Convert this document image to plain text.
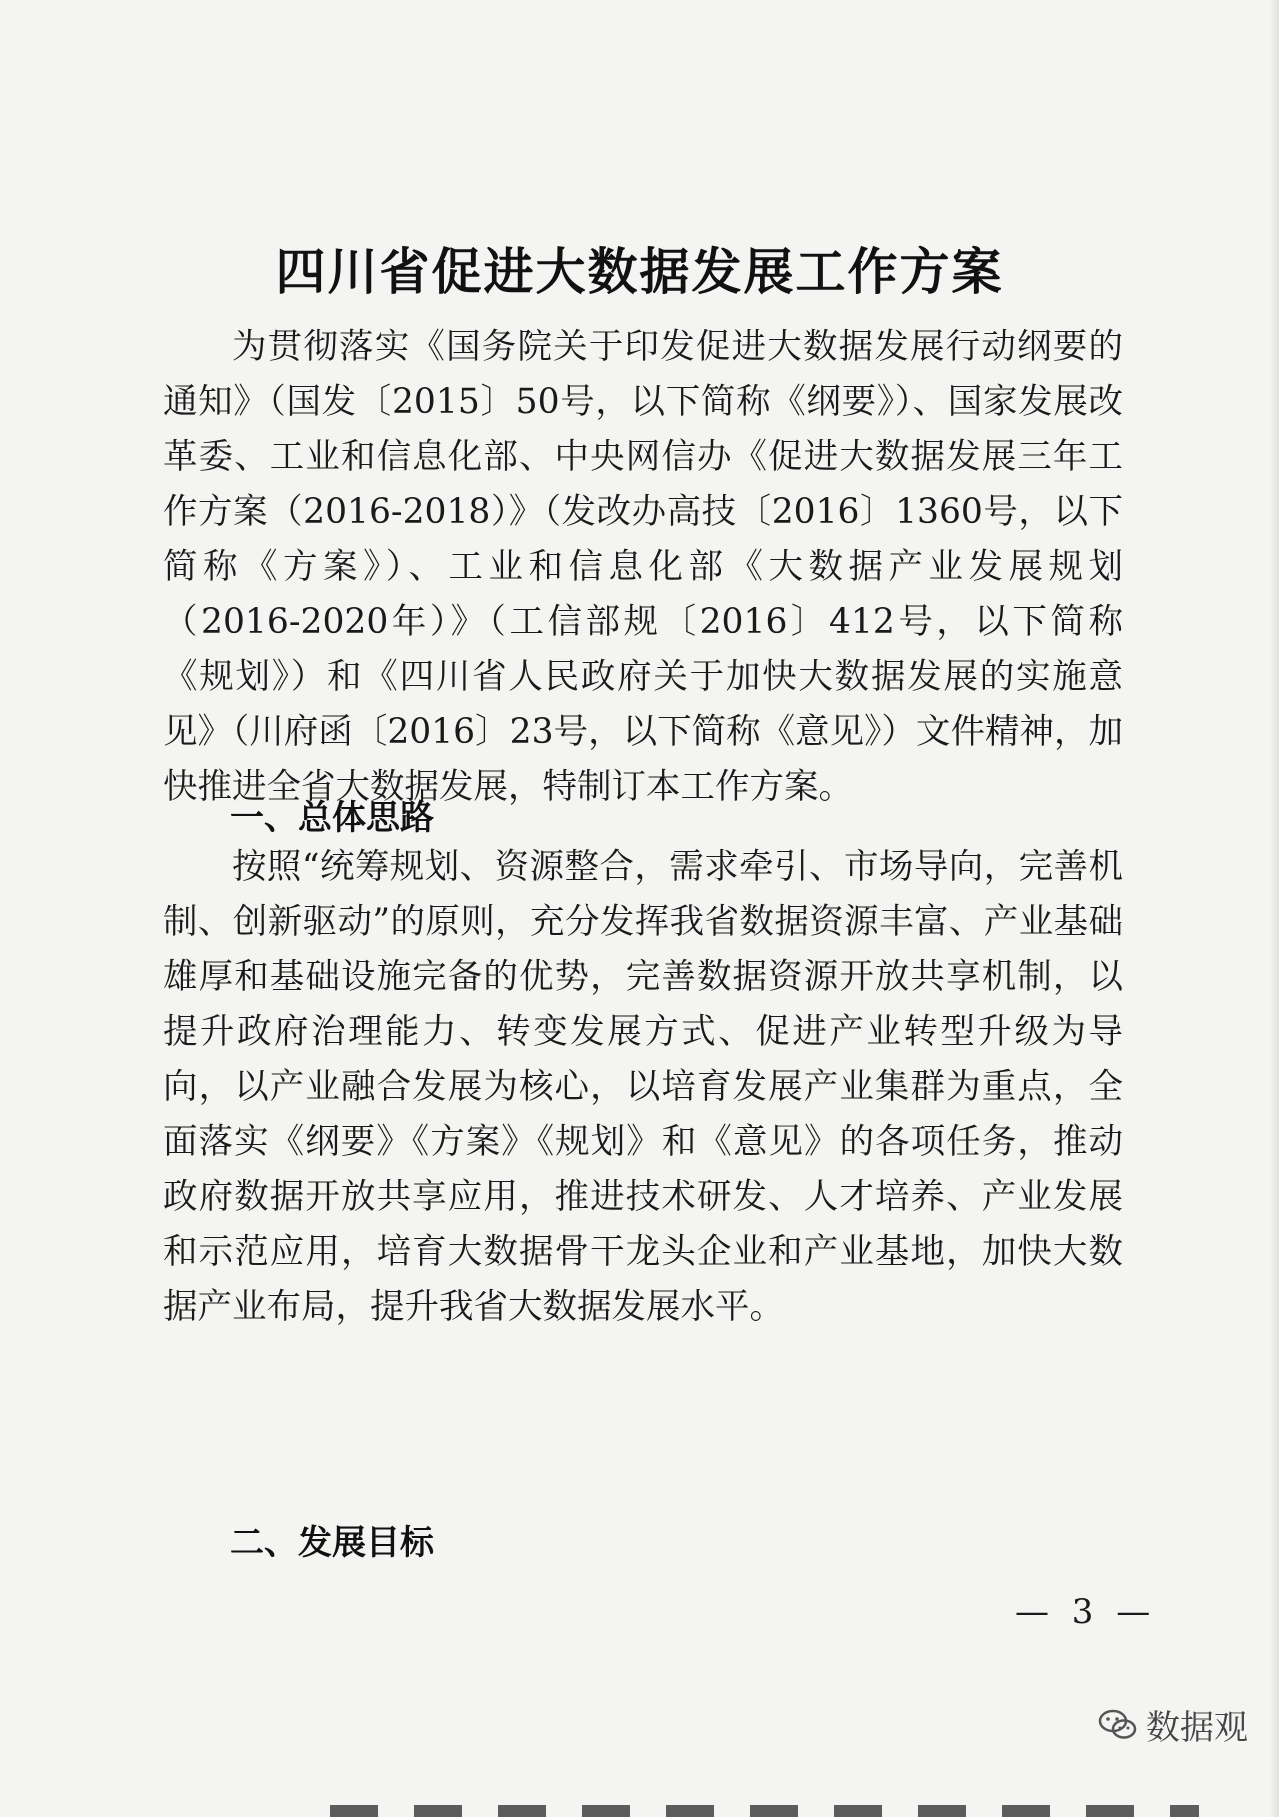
四川省促进大数据发展工作方案

为贯彻落实《国务院关于印发促进大数据发展行动纲要的通知》（国发〔2015〕50号，以下简称《纲要》）、国家发展改革委、工业和信息化部、中央网信办《促进大数据发展三年工作方案（2016-2018）》（发改办高技〔2016〕1360号，以下简称《方案》）、工业和信息化部《大数据产业发展规划（2016-2020年）》（工信部规〔2016〕412号，以下简称《规划》）和《四川省人民政府关于加快大数据发展的实施意见》（川府函〔2016〕23号，以下简称《意见》）文件精神，加快推进全省大数据发展，特制订本工作方案。

一、总体思路

按照“统筹规划、资源整合，需求牵引、市场导向，完善机制、创新驱动”的原则，充分发挥我省数据资源丰富、产业基础雄厚和基础设施完备的优势，完善数据资源开放共享机制，以提升政府治理能力、转变发展方式、促进产业转型升级为导向，以产业融合发展为核心，以培育发展产业集群为重点，全面落实《纲要》《方案》《规划》和《意见》的各项任务，推动政府数据开放共享应用，推进技术研发、人才培养、产业发展和示范应用，培育大数据骨干龙头企业和产业基地，加快大数据产业布局，提升我省大数据发展水平。

二、发展目标
— 3 —
数据观
